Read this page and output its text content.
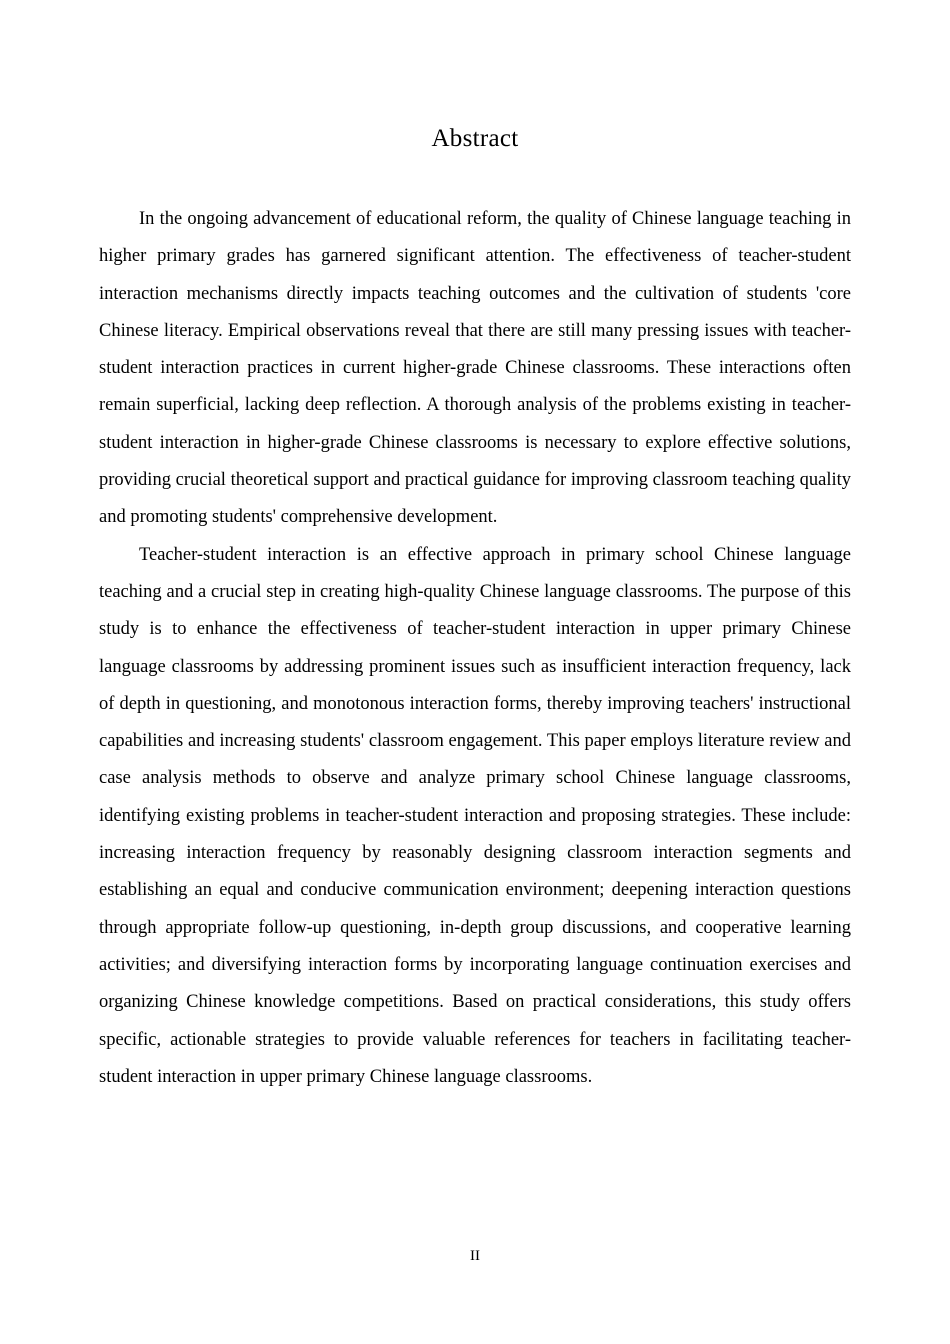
Abstract

In the ongoing advancement of educational reform, the quality of Chinese language teaching in higher primary grades has garnered significant attention. The effectiveness of teacher-student interaction mechanisms directly impacts teaching outcomes and the cultivation of students 'core Chinese literacy. Empirical observations reveal that there are still many pressing issues with teacher-student interaction practices in current higher-grade Chinese classrooms. These interactions often remain superficial, lacking deep reflection. A thorough analysis of the problems existing in teacher-student interaction in higher-grade Chinese classrooms is necessary to explore effective solutions, providing crucial theoretical support and practical guidance for improving classroom teaching quality and promoting students' comprehensive development.

Teacher-student interaction is an effective approach in primary school Chinese language teaching and a crucial step in creating high-quality Chinese language classrooms. The purpose of this study is to enhance the effectiveness of teacher-student interaction in upper primary Chinese language classrooms by addressing prominent issues such as insufficient interaction frequency, lack of depth in questioning, and monotonous interaction forms, thereby improving teachers' instructional capabilities and increasing students' classroom engagement. This paper employs literature review and case analysis methods to observe and analyze primary school Chinese language classrooms, identifying existing problems in teacher-student interaction and proposing strategies. These include: increasing interaction frequency by reasonably designing classroom interaction segments and establishing an equal and conducive communication environment; deepening interaction questions through appropriate follow-up questioning, in-depth group discussions, and cooperative learning activities; and diversifying interaction forms by incorporating language continuation exercises and organizing Chinese knowledge competitions. Based on practical considerations, this study offers specific, actionable strategies to provide valuable references for teachers in facilitating teacher-student interaction in upper primary Chinese language classrooms.

II
